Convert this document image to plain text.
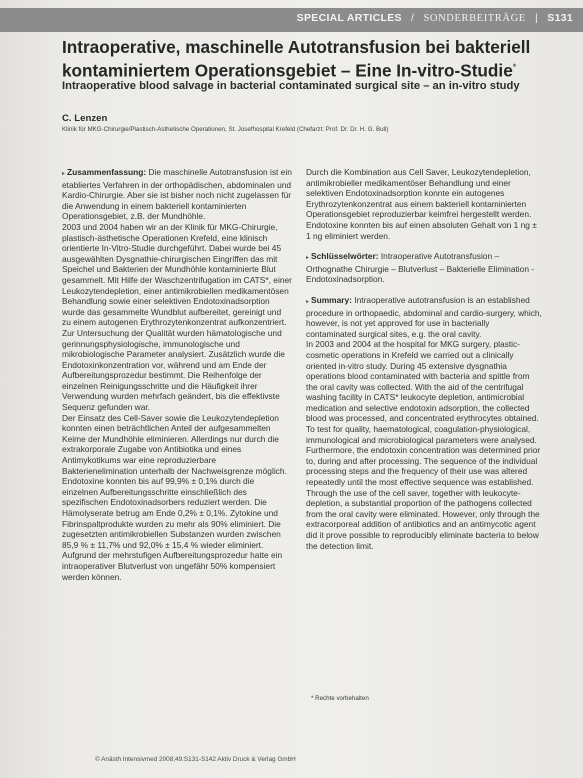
SPECIAL ARTICLES / SONDERBEITRÄGE | S131
Intraoperative, maschinelle Autotransfusion bei bakteriell kontaminiertem Operationsgebiet – Eine In-vitro-Studie*
Intraoperative blood salvage in bacterial contaminated surgical site – an in-vitro study
C. Lenzen
Klinik für MKG-Chirurgie/Plastisch-Ästhetische Operationen, St. Josefhospital Krefeld (Chefarzt: Prof. Dr. Dr. H. G. Bull)

▸ Zusammenfassung: Die maschinelle Autotransfusion ist ein etabliertes Verfahren in der orthopädischen, abdominalen und Kardio-Chirurgie. Aber sie ist bisher noch nicht zugelassen für die Anwendung in einem bakteriell kontaminierten Operationsgebiet, z.B. der Mundhöhle.

2003 und 2004 haben wir an der Klinik für MKG-Chirurgie, plastisch-ästhetische Operationen Krefeld, eine klinisch orientierte In-Vitro-Studie durchgeführt. Dabei wurde bei 45 ausgewählten Dysgnathie-chirurgischen Eingriffen das mit Speichel und Bakterien der Mundhöhle kontaminierte Blut gesammelt. Mit Hilfe der Waschzentrifugation im CATS*, einer Leukozytendepletion, einer antimikrobiellen medikamentösen Behandlung sowie einer selektiven Endotoxinadsorption wurde das gesammelte Wundblut aufbereitet, gereinigt und zu einem autogenen Erythrozytenkonzentrat aufkonzentriert. Zur Untersuchung der Qualität wurden hämatologische und gerinnungsphysiologische, immunologische und mikrobiologische Parameter analysiert. Zusätzlich wurde die Endotoxinkonzentration vor, während und am Ende der Aufbereitungsprozedur bestimmt. Die Reihenfolge der einzelnen Reinigungsschritte und die Häufigkeit ihrer Verwendung wurden mehrfach geändert, bis die effektivste Sequenz gefunden war.

Der Einsatz des Cell-Saver sowie die Leukozytendepletion konnten einen beträchtlichen Anteil der aufgesammelten Keime der Mundhöhle eliminieren. Allerdings nur durch die extrakorporale Zugabe von Antibiotika und eines Antimykotikums war eine reproduzierbare Bakterienelimination unterhalb der Nachweisgrenze möglich.

Endotoxine konnten bis auf 99,9% ± 0,1% durch die einzelnen Aufbereitungsschritte einschließlich des spezifischen Endotoxinadsorbers reduziert werden. Die Hämolyserate betrug am Ende 0,2% ± 0,1%. Zytokine und Fibrinspaltprodukte wurden zu mehr als 90% eliminiert. Die zugesetzten antimikrobiellen Substanzen wurden zwischen 85,9 % ± 11,7% und 92,0% ± 15,4 % wieder eliminiert. Aufgrund der mehrstufigen Aufbereitungsprozedur hatte ein intraoperativer Blutverlust von ungefähr 50% kompensiert werden können.

Durch die Kombination aus Cell Saver, Leukozytendepletion, antimikrobieller medikamentöser Behandlung und einer selektiven Endotoxinadsorption konnte ein autogenes Erythrozytenkonzentrat aus einem bakteriell kontaminierten Operationsgebiet reproduzierbar keimfrei hergestellt werden. Endotoxine konnten bis auf einen absoluten Gehalt von 1 ng ± 1 ng eliminiert werden.

▸ Schlüsselwörter: Intraoperative Autotransfusion – Orthognathe Chirurgie – Blutverlust – Bakterielle Elimination - Endotoxinadsorption.

▸ Summary: Intraoperative autotransfusion is an established procedure in orthopaedic, abdominal and cardio-surgery, which, however, is not yet approved for use in bacterially contaminated surgical sites, e.g. the oral cavity.

In 2003 and 2004 at the hospital for MKG surgery, plastic-cosmetic operations in Krefeld we carried out a clinically oriented in-vitro study. During 45 extensive dysgnathia operations blood contaminated with bacteria and spittle from the oral cavity was collected. With the aid of the centrifugal washing facility in CATS* leukocyte depletion, antimicrobial medication and selective endotoxin adsorption, the collected blood was processed, and concentrated erythrocytes obtained. To test for quality, haematological, coagulation-physiological, immunological and microbiological parameters were analysed. Furthermore, the endotoxin concentration was determined prior to, during and after processing. The sequence of the individual processing steps and the frequency of their use was altered repeatedly until the most effective sequence was established.

Through the use of the cell saver, together with leukocyte-depletion, a substantial proportion of the pathogens collected from the oral cavity were eliminated. However, only through the extracorporeal addition of antibiotics and an antimycotic agent did it prove possible to reproducibly eliminate bacteria to below the detection limit.

* Rechte vorbehalten
© Anästh Intensivmed 2008;49:S131-S142 Aktiv Druck & Verlag GmbH
